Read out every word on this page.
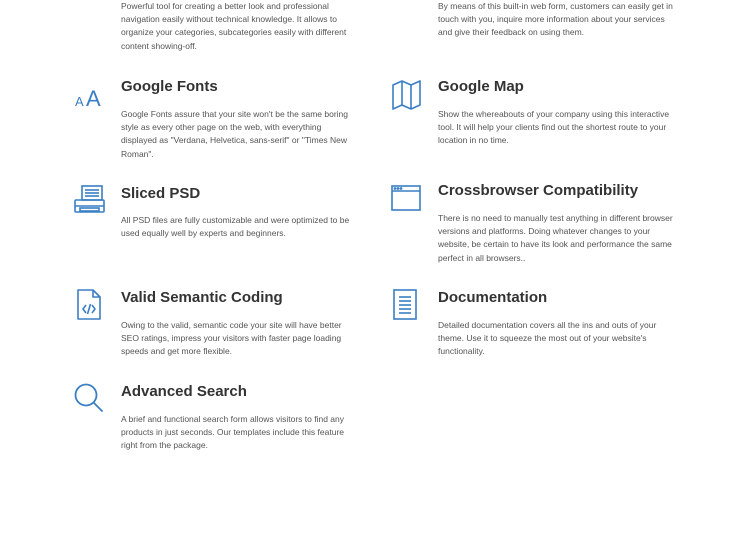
Powerful tool for creating a better look and professional navigation easily without technical knowledge. It allows to organize your categories, subcategories easily with different content showing-off.
By means of this built-in web form, customers can easily get in touch with you, inquire more information about your services and give their feedback on using them.
A A Google Fonts
Google Fonts assure that your site won't be the same boring style as every other page on the web, with everything displayed as "Verdana, Helvetica, sans-serif" or "Times New Roman".
Google Map
Show the whereabouts of your company using this interactive tool. It will help your clients find out the shortest route to your location in no time.
Sliced PSD
All PSD files are fully customizable and were optimized to be used equally well by experts and beginners.
Crossbrowser Compatibility
There is no need to manually test anything in different browser versions and platforms. Doing whatever changes to your website, be certain to have its look and performance the same perfect in all browsers..
Valid Semantic Coding
Owing to the valid, semantic code your site will have better SEO ratings, impress your visitors with faster page loading speeds and get more flexible.
Documentation
Detailed documentation covers all the ins and outs of your theme. Use it to squeeze the most out of your website's functionality.
Advanced Search
A brief and functional search form allows visitors to find any products in just seconds. Our templates include this feature right from the package.
